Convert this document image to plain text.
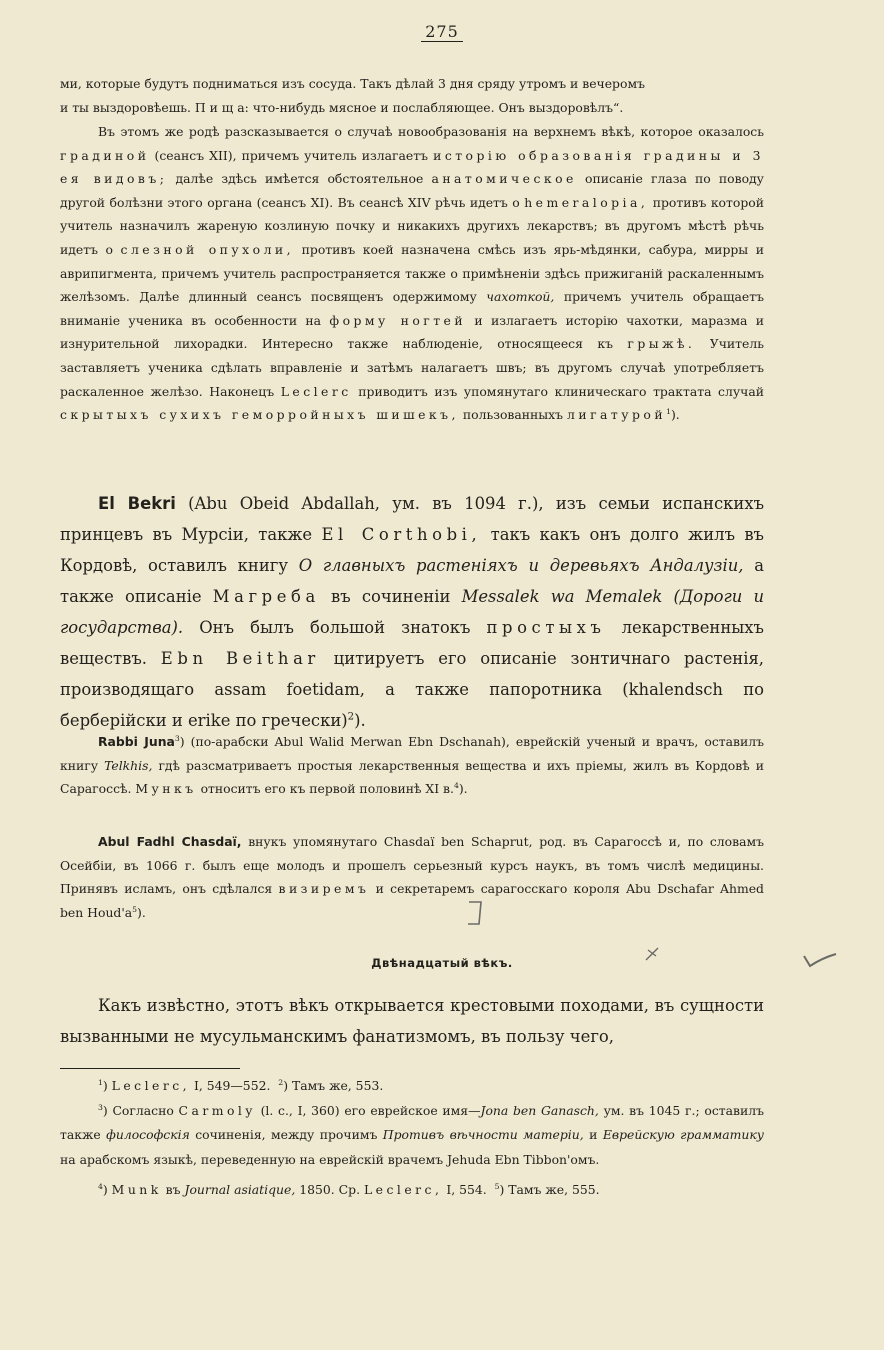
275
ми, которые будутъ подниматься изъ сосуда. Такъ дѣлай 3 дня сряду утромъ и вечеромъ
и ты выздоровѣешь. П и щ а: что-нибудь мясное и послабляющее. Онъ выздоровѣлъ“.

Въ этомъ же родѣ разсказывается о случаѣ новообразованія на верхнемъ вѣкѣ, которое оказалось градиной (сеансъ XII), причемъ учитель излагаетъ исторію образованія градины и 3 ея видовъ; далѣе здѣсь имѣется обстоятельное анатомическое описаніе глаза по поводу другой болѣзни этого органа (сеансъ XI). Въ сеансѣ XIV рѣчь идетъ о hemeralopia, противъ которой учитель назначилъ жареную козлиную почку и никакихъ другихъ лекарствъ; въ другомъ мѣстѣ рѣчь идетъ о слезной опухоли, противъ коей назначена смѣсь изъ ярь-мѣдянки, сабура, мирры и аврипигмента, причемъ учитель распространяется также о примѣненіи здѣсь прижиганій раскаленнымъ желѣзомъ. Далѣе длинный сеансъ посвященъ одержимому чахоткой, причемъ учитель обращаетъ вниманіе ученика въ особенности на форму ногтей и излагаетъ исторію чахотки, маразма и изнурительной лихорадки. Интересно также наблюденіе, относящееся къ грыжѣ. Учитель заставляетъ ученика сдѣлать вправленіе и затѣмъ налагаетъ швъ; въ другомъ случаѣ употребляетъ раскаленное желѣзо. Наконецъ Leclerc приводитъ изъ упомянутаго клиническаго трактата случай скрытыхъ сухихъ геморройныхъ шишекъ, пользованныхъ лигатурой$^1$).

El Bekri (Abu Obeid Abdallah, ум. въ 1094 г.), изъ семьи испанскихъ принцевъ въ Мурсіи, также El Corthobi, такъ какъ онъ долго жилъ въ Кордовѣ, оставилъ книгу О главныхъ растеніяхъ и деревьяхъ Андалузіи, а также описаніе Магреба въ сочиненіи Messalek wa Memalek (Дороги и государства). Онъ былъ большой знатокъ простыхъ лекарственныхъ веществъ. Ebn Beithar цитируетъ его описаніе зонтичнаго растенія, производящаго assam foetidam, а также папоротника (khalendsch по берберійски и erike по гречески)$^2$).

Rabbi Juna$^3$) (по-арабски Abul Walid Merwan Ebn Dschanah), еврейскій ученый и врачъ, оставилъ книгу Telkhis, гдѣ разсматриваетъ простыя лекарственныя вещества и ихъ пріемы, жилъ въ Кордовѣ и Сарагоссѣ. Мункъ относитъ его къ первой половинѣ XI в.$^4$).

Abul Fadhl Chasdaï, внукъ упомянутаго Chasdaï ben Schaprut, род. въ Сарагоссѣ и, по словамъ Осейбіи, въ 1066 г. былъ еще молодъ и прошелъ серьезный курсъ наукъ, въ томъ числѣ медицины. Принявъ исламъ, онъ сдѣлался визиремъ и секретаремъ сарагосскаго короля Abu Dschafar Ahmed ben $Houd'a^5$).

Двѣнадцатый вѣкъ.

Какъ извѣстно, этотъ вѣкъ открывается крестовыми походами, въ сущности вызванными не мусульманскимъ фанатизмомъ, въ пользу чего,

$^1$) Leclerc, I, 549—552. $^2$) Тамъ же, 553.
$^3$) Согласно Carmoly (l. c., I, 360) его еврейское имя—Jona ben Ganasch, ум. въ 1045 г.; оставилъ также философскія сочиненія, между прочимъ Противъ вѣчности матеріи, и Еврейскую грамматику на арабскомъ языкѣ, переведенную на еврейскій врачемъ Jehuda Ebn Tibbon'омъ.
$^4$) Munk въ Journal asiatique, 1850. Ср. Leclerc, I, 554. $^5$) Тамъ же, 555.
